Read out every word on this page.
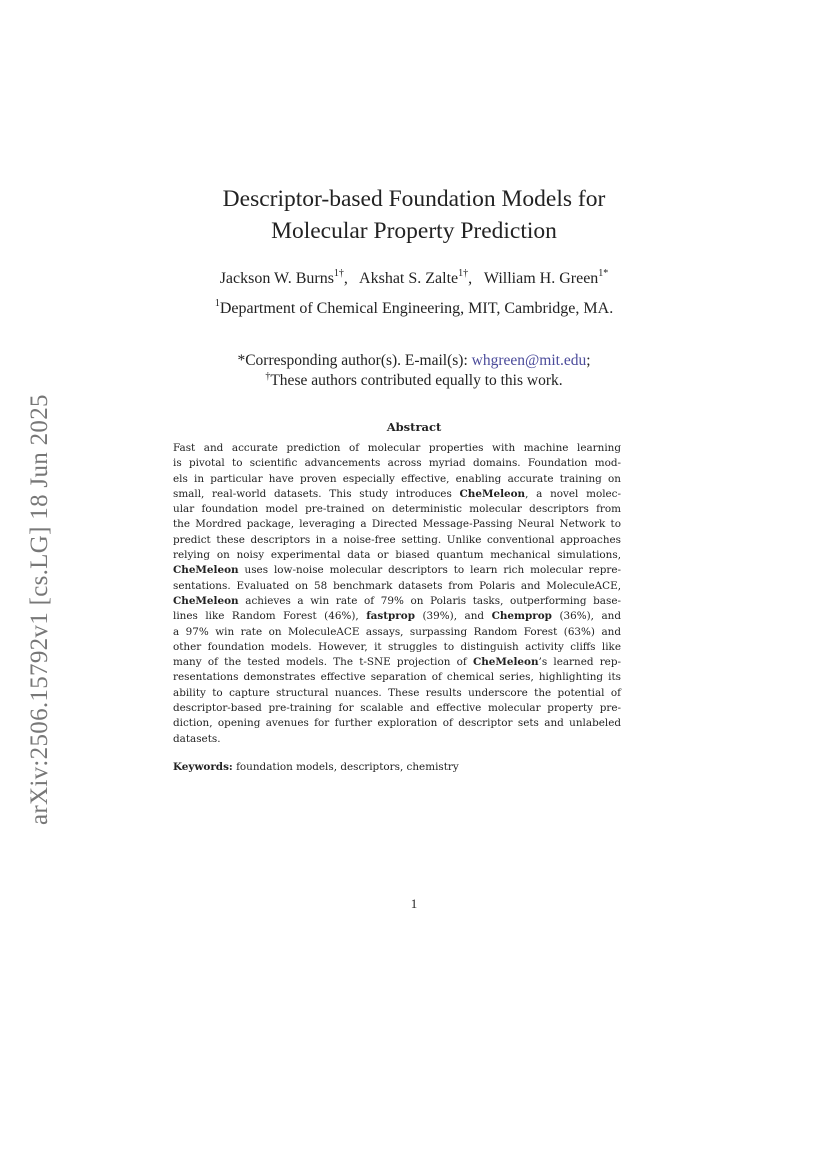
arXiv:2506.15792v1 [cs.LG] 18 Jun 2025
Descriptor-based Foundation Models for
Molecular Property Prediction
Jackson W. Burns$^{1\dagger}$, Akshat S. Zalte$^{1\dagger}$, William H. Green$^{1*}$
$^1$Department of Chemical Engineering, MIT, Cambridge, MA.
*Corresponding author(s). E-mail(s): whgreen@mit.edu;
†These authors contributed equally to this work.
Abstract
Fast and accurate prediction of molecular properties with machine learning
is pivotal to scientific advancements across myriad domains. Foundation mod-
els in particular have proven especially effective, enabling accurate training on
small, real-world datasets. This study introduces CheMeleon, a novel molec-
ular foundation model pre-trained on deterministic molecular descriptors from
the Mordred package, leveraging a Directed Message-Passing Neural Network to
predict these descriptors in a noise-free setting. Unlike conventional approaches
relying on noisy experimental data or biased quantum mechanical simulations,
CheMeleon uses low-noise molecular descriptors to learn rich molecular repre-
sentations. Evaluated on 58 benchmark datasets from Polaris and MoleculeACE,
CheMeleon achieves a win rate of 79% on Polaris tasks, outperforming base-
lines like Random Forest (46%), fastprop (39%), and Chemprop (36%), and
a 97% win rate on MoleculeACE assays, surpassing Random Forest (63%) and
other foundation models. However, it struggles to distinguish activity cliffs like
many of the tested models. The t-SNE projection of CheMeleon’s learned rep-
resentations demonstrates effective separation of chemical series, highlighting its
ability to capture structural nuances. These results underscore the potential of
descriptor-based pre-training for scalable and effective molecular property pre-
diction, opening avenues for further exploration of descriptor sets and unlabeled
datasets.
Keywords: foundation models, descriptors, chemistry
1
